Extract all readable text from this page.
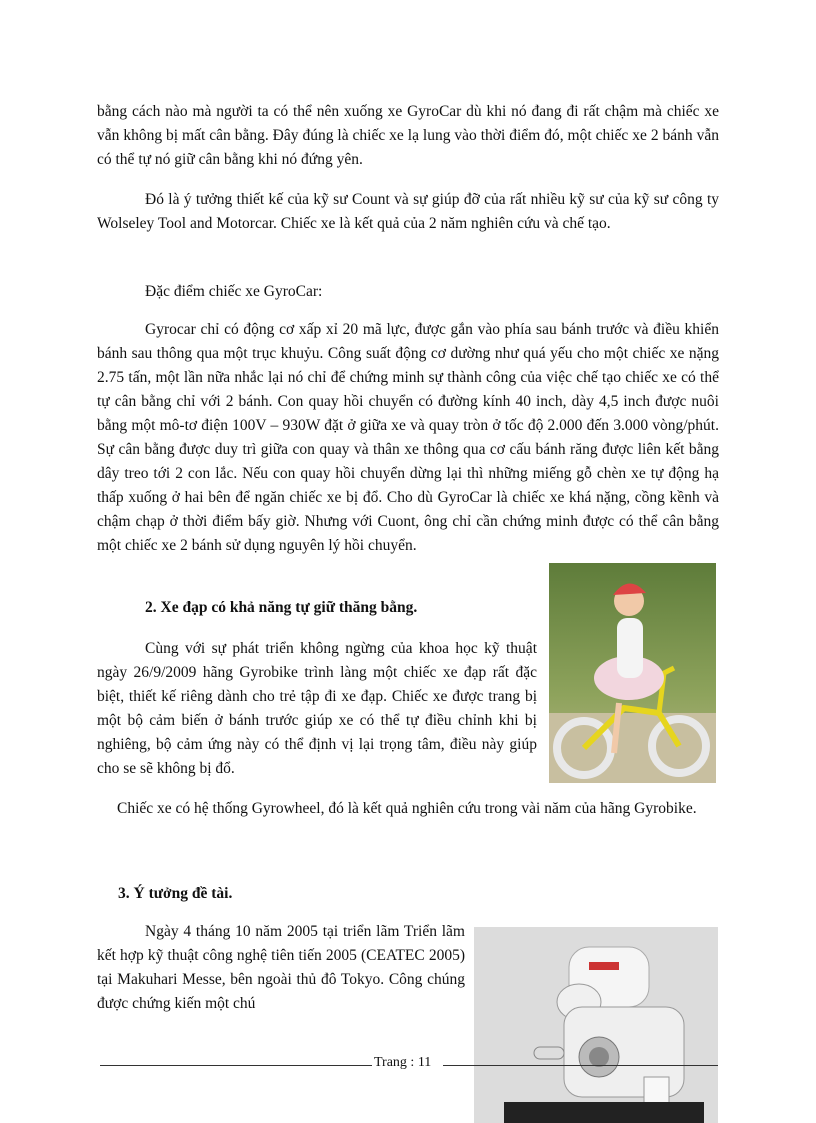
bằng cách nào mà người ta có thể nên xuống xe GyroCar dù khi nó đang đi rất chậm mà chiếc xe vẫn không bị mất cân bằng. Đây đúng là chiếc xe lạ lung vào thời điểm đó, một chiếc xe 2 bánh vẫn có thể tự nó giữ cân bằng khi nó đứng yên.

Đó là ý tưởng thiết kế của kỹ sư Count và sự giúp đỡ của rất nhiều kỹ sư của kỹ sư công ty Wolseley Tool and Motorcar. Chiếc xe là kết quả của 2 năm nghiên cứu và chế tạo.

Đặc điểm chiếc xe GyroCar:

Gyrocar chỉ có động cơ xấp xỉ 20 mã lực, được gắn vào phía sau bánh trước và điều khiển bánh sau thông qua một trục khuỷu. Công suất động cơ dường như quá yếu cho một chiếc xe nặng 2.75 tấn, một lần nữa nhắc lại nó chỉ để chứng minh sự thành công của việc chế tạo chiếc xe có thể tự cân bằng chỉ với 2 bánh. Con quay hồi chuyển có đường kính 40 inch, dày 4,5 inch được nuôi bằng một mô-tơ điện 100V – 930W đặt ở giữa xe và quay tròn ở tốc độ 2.000 đến 3.000 vòng/phút. Sự cân bằng được duy trì giữa con quay và thân xe thông qua cơ cấu bánh răng được liên kết bằng dây treo tới 2 con lắc. Nếu con quay hồi chuyển dừng lại thì những miếng gỗ chèn xe tự động hạ thấp xuống ở hai bên để ngăn chiếc xe bị đổ. Cho dù GyroCar là chiếc xe khá nặng, cồng kềnh và chậm chạp ở thời điểm bấy giờ. Nhưng với Cuont, ông chỉ cần chứng minh được có thể cân bằng một chiếc xe 2 bánh sử dụng nguyên lý hồi chuyển.

2. Xe đạp có khả năng tự giữ thăng bằng.

Cùng với sự phát triển không ngừng của khoa học kỹ thuật ngày 26/9/2009 hãng Gyrobike trình làng một chiếc xe đạp rất đặc biệt, thiết kế riêng dành cho trẻ tập đi xe đạp. Chiếc xe được trang bị một bộ cảm biến ở bánh trước giúp xe có thể tự điều chỉnh khi bị nghiêng, bộ cảm ứng này có thể định vị lại trọng tâm, điều này giúp cho se sẽ không bị đổ.

Chiếc xe có hệ thống Gyrowheel, đó là kết quả nghiên cứu trong vài năm của hãng Gyrobike.

3. Ý tưởng đề tài.

Ngày 4 tháng 10 năm 2005 tại triển lãm Triển lãm kết hợp kỹ thuật công nghệ tiên tiến 2005 (CEATEC 2005) tại Makuhari Messe, bên ngoài thủ đô Tokyo. Công chúng được chứng kiến một chú

Trang : 11
